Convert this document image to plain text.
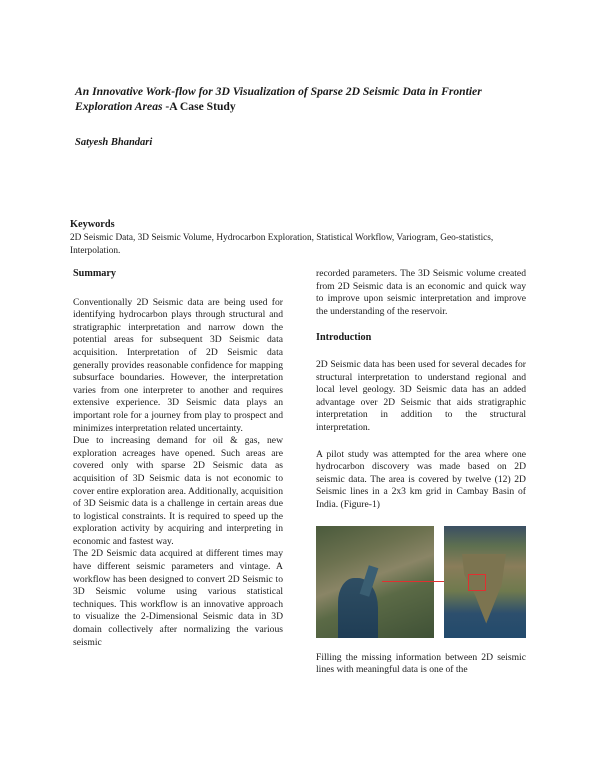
An Innovative Work-flow for 3D Visualization of Sparse 2D Seismic Data in Frontier Exploration Areas -A Case Study

Satyesh Bhandari

Keywords

2D Seismic Data, 3D Seismic Volume, Hydrocarbon Exploration, Statistical Workflow, Variogram, Geo-statistics, Interpolation.

Summary

Conventionally 2D Seismic data are being used for identifying hydrocarbon plays through structural and stratigraphic interpretation and narrow down the potential areas for subsequent 3D Seismic data acquisition. Interpretation of 2D Seismic data generally provides reasonable confidence for mapping subsurface boundaries. However, the interpretation varies from one interpreter to another and requires extensive experience. 3D Seismic data plays an important role for a journey from play to prospect and minimizes interpretation related uncertainty.

Due to increasing demand for oil & gas, new exploration acreages have opened. Such areas are covered only with sparse 2D Seismic data as acquisition of 3D Seismic data is not economic to cover entire exploration area. Additionally, acquisition of 3D Seismic data is a challenge in certain areas due to logistical constraints. It is required to speed up the exploration activity by acquiring and interpreting in economic and fastest way.

The 2D Seismic data acquired at different times may have different seismic parameters and vintage. A workflow has been designed to convert 2D Seismic to 3D Seismic volume using various statistical techniques. This workflow is an innovative approach to visualize the 2-Dimensional Seismic data in 3D domain collectively after normalizing the various seismic

recorded parameters. The 3D Seismic volume created from 2D Seismic data is an economic and quick way to improve upon seismic interpretation and improve the understanding of the reservoir.

Introduction

2D Seismic data has been used for several decades for structural interpretation to understand regional and local level geology. 3D Seismic data has an added advantage over 2D Seismic that aids stratigraphic interpretation in addition to the structural interpretation.

A pilot study was attempted for the area where one hydrocarbon discovery was made based on 2D seismic data. The area is covered by twelve (12) 2D Seismic lines in a 2x3 km grid in Cambay Basin of India. (Figure-1)

Filling the missing information between 2D seismic lines with meaningful data is one of the
